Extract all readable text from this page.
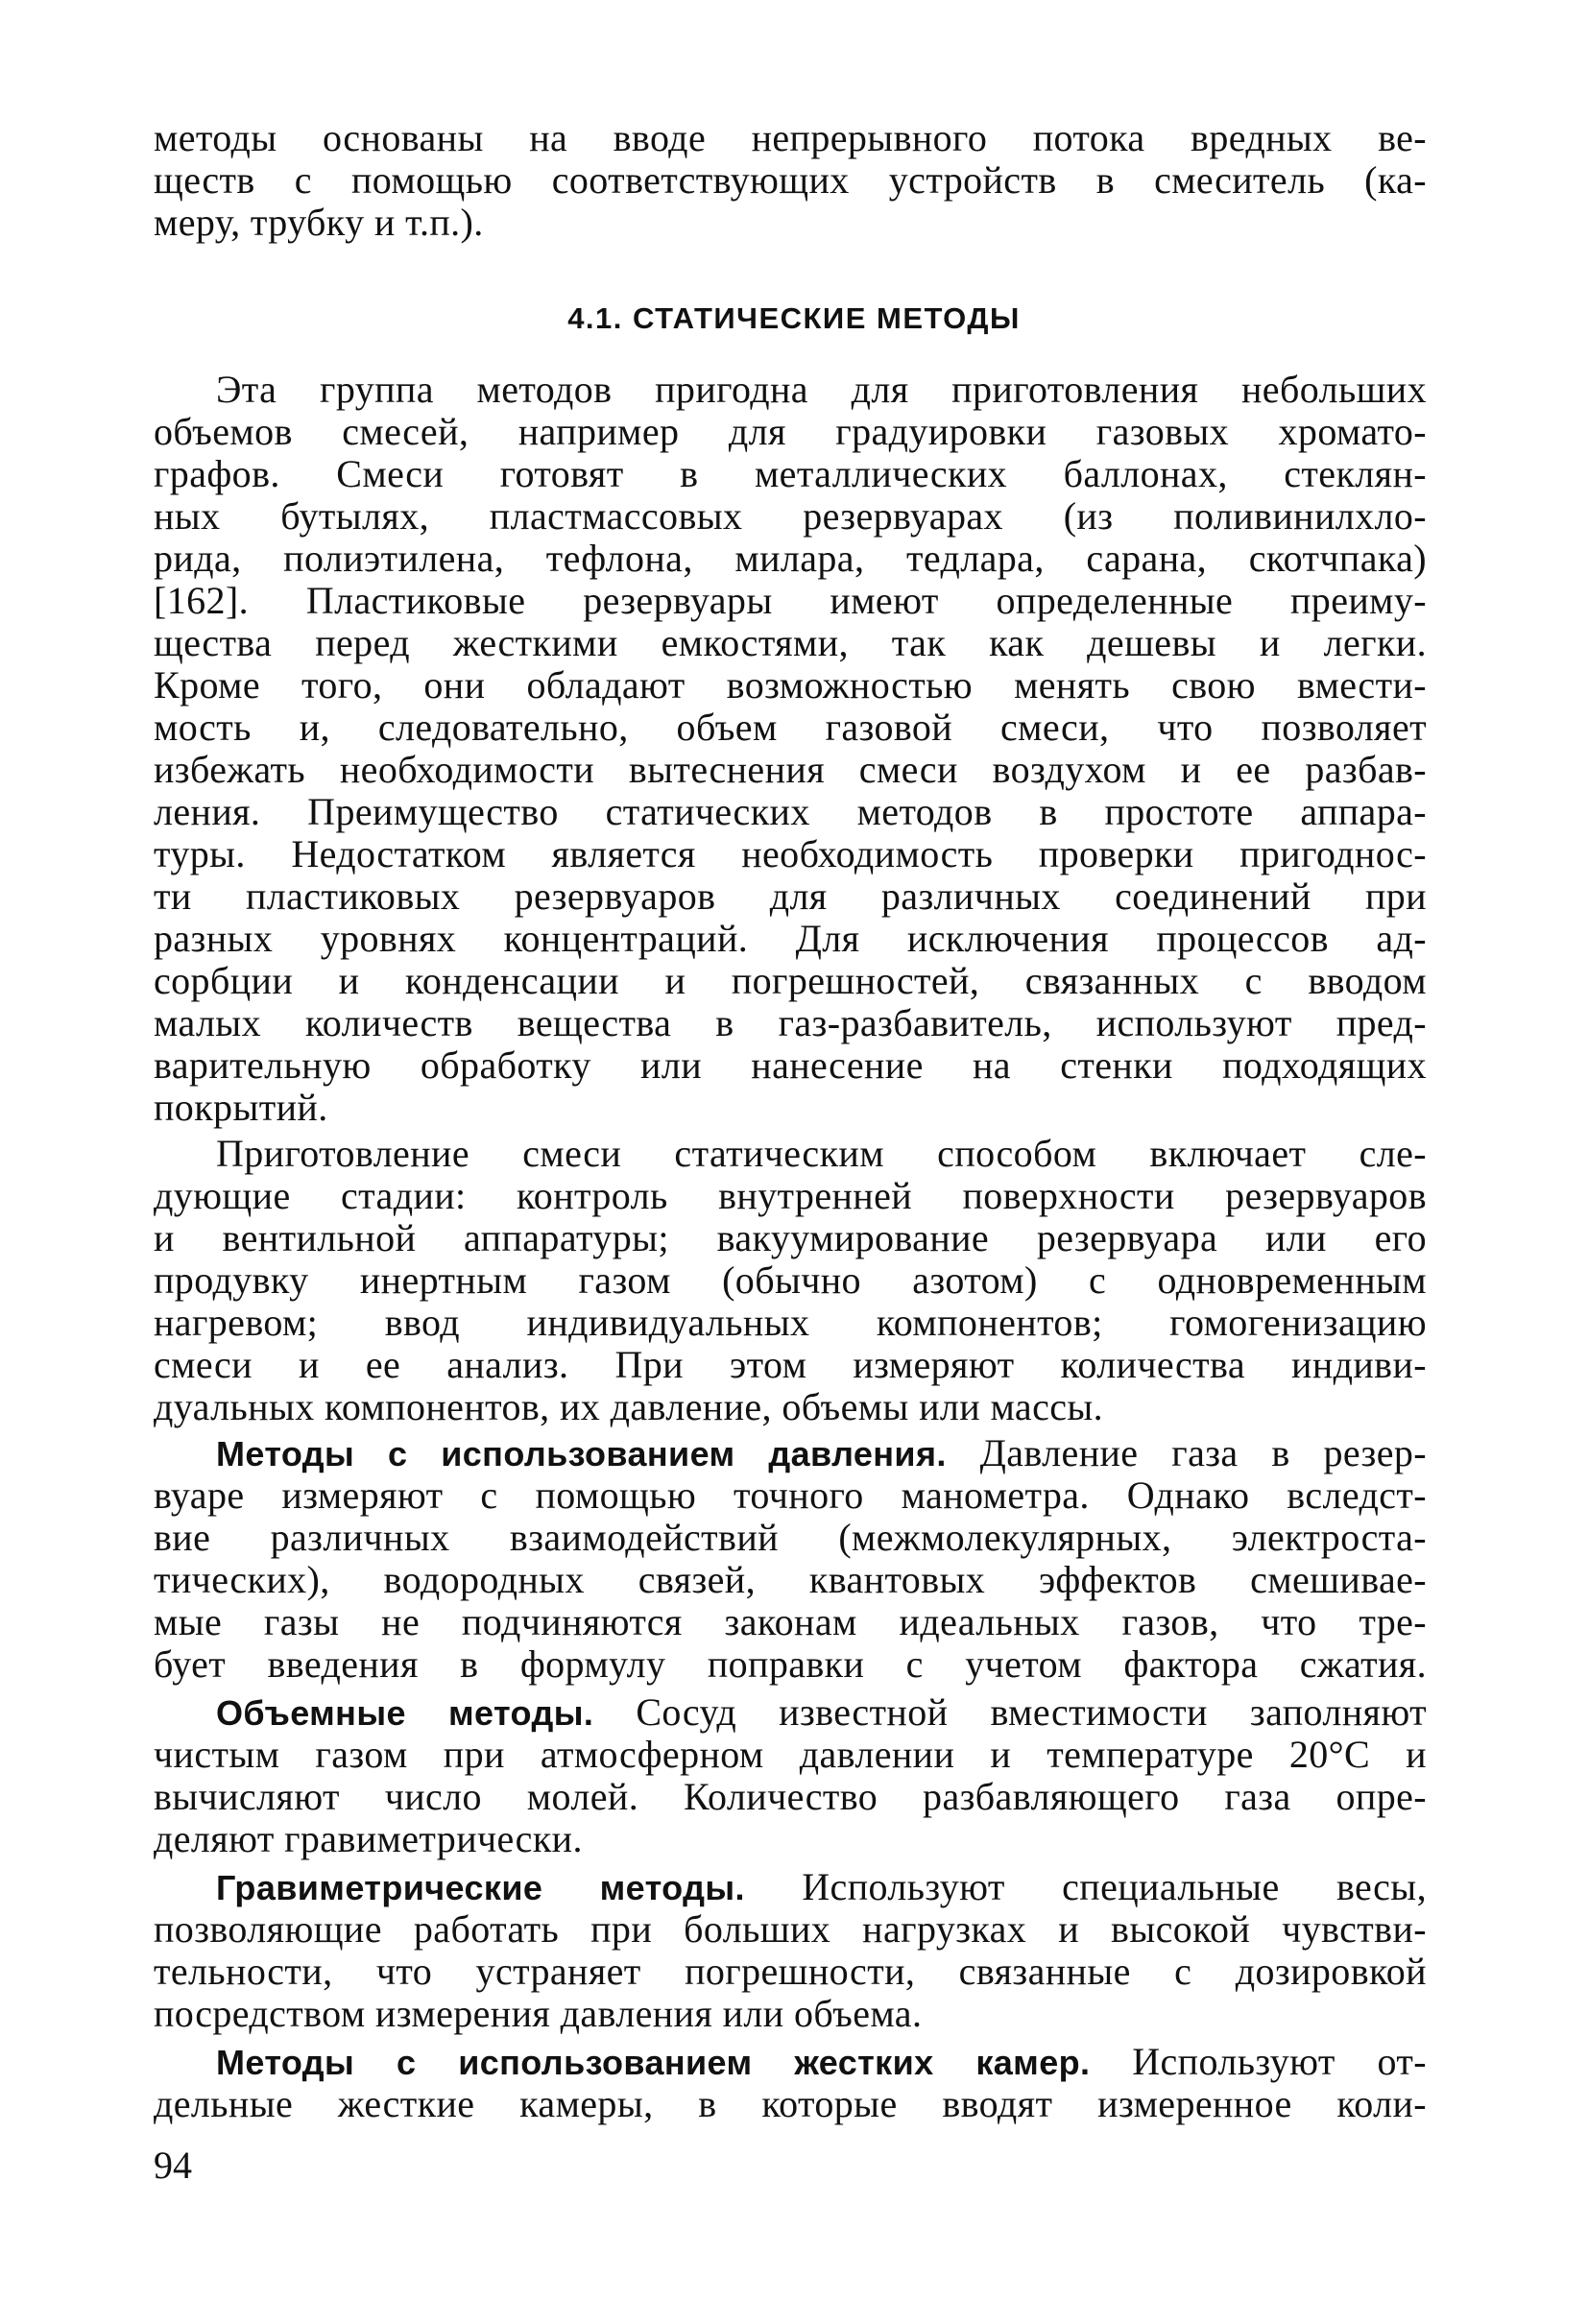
методы основаны на вводе непрерывного потока вредных ве-
ществ с помощью соответствующих устройств в смеситель (ка-
меру, трубку и т.п.).
4.1. СТАТИЧЕСКИЕ МЕТОДЫ
Эта группа методов пригодна для приготовления небольших
объемов смесей, например для градуировки газовых хромато-
графов. Смеси готовят в металлических баллонах, стеклян-
ных бутылях, пластмассовых резервуарах (из поливинилхло-
рида, полиэтилена, тефлона, милара, тедлара, сарана, скотчпака)
[162]. Пластиковые резервуары имеют определенные преиму-
щества перед жесткими емкостями, так как дешевы и легки.
Кроме того, они обладают возможностью менять свою вмести-
мость и, следовательно, объем газовой смеси, что позволяет
избежать необходимости вытеснения смеси воздухом и ее разбав-
ления. Преимущество статических методов в простоте аппара-
туры. Недостатком является необходимость проверки пригоднос-
ти пластиковых резервуаров для различных соединений при
разных уровнях концентраций. Для исключения процессов ад-
сорбции и конденсации и погрешностей, связанных с вводом
малых количеств вещества в газ-разбавитель, используют пред-
варительную обработку или нанесение на стенки подходящих
покрытий.
Приготовление смеси статическим способом включает сле-
дующие стадии: контроль внутренней поверхности резервуаров
и вентильной аппаратуры; вакуумирование резервуара или его
продувку инертным газом (обычно азотом) с одновременным
нагревом; ввод индивидуальных компонентов; гомогенизацию
смеси и ее анализ. При этом измеряют количества индиви-
дуальных компонентов, их давление, объемы или массы.
Методы с использованием давления. Давление газа в резер-
вуаре измеряют с помощью точного манометра. Однако вследст-
вие различных взаимодействий (межмолекулярных, электроста-
тических), водородных связей, квантовых эффектов смешивае-
мые газы не подчиняются законам идеальных газов, что тре-
бует введения в формулу поправки с учетом фактора сжатия.
Объемные методы. Сосуд известной вместимости заполняют
чистым газом при атмосферном давлении и температуре 20°С и
вычисляют число молей. Количество разбавляющего газа опре-
деляют гравиметрически.
Гравиметрические методы. Используют специальные весы,
позволяющие работать при больших нагрузках и высокой чувстви-
тельности, что устраняет погрешности, связанные с дозировкой
посредством измерения давления или объема.
Методы с использованием жестких камер. Используют от-
дельные жесткие камеры, в которые вводят измеренное коли-
94
